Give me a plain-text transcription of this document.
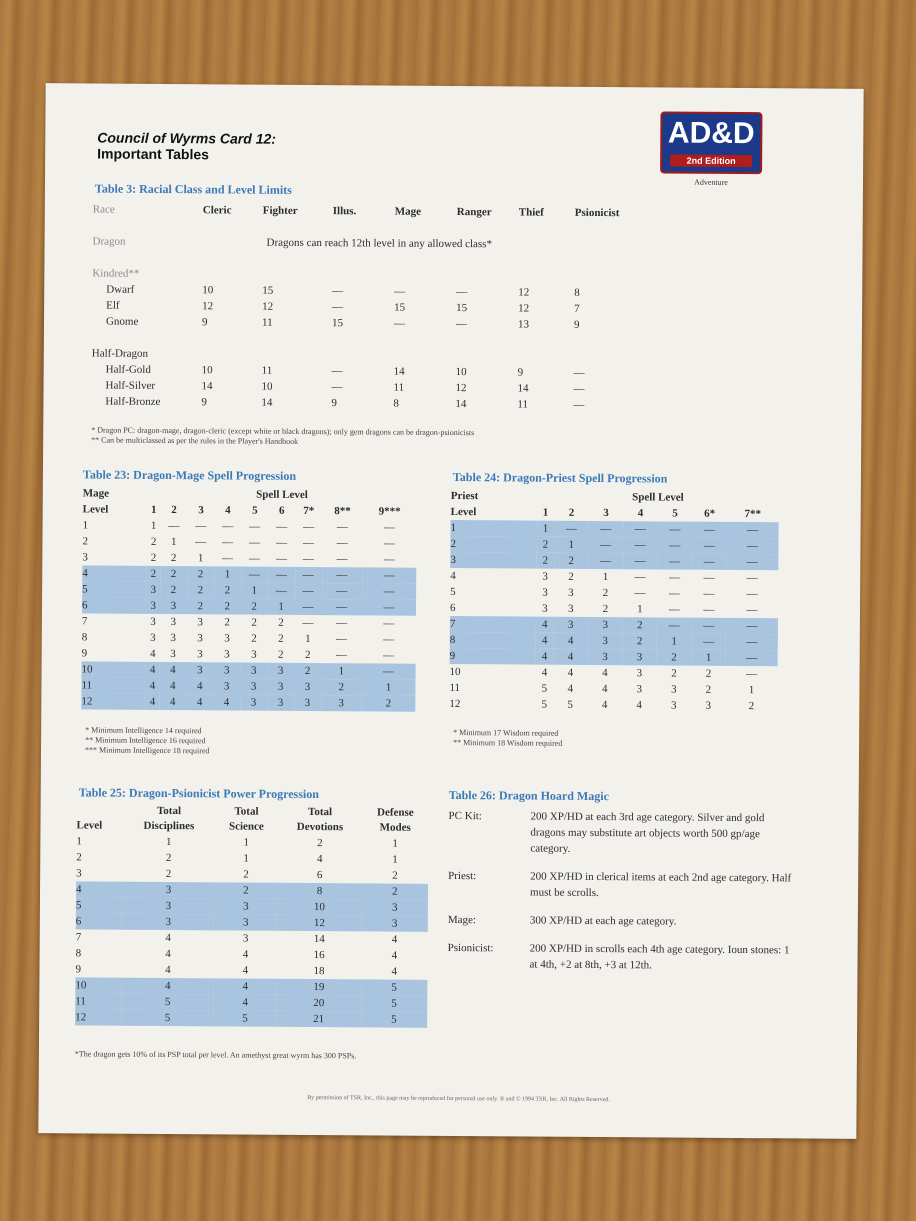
Council of Wyrms Card 12:
Important Tables
AD&D
2nd Edition
Adventure
Table 3: Racial Class and Level Limits
Race	Cleric	Fighter	Illus.	Mage	Ranger	Thief	Psionicist

Dragon	Dragons can reach 12th level in any allowed class*						

Kindred**							
Dwarf	10	15	—	—	—	12	8
Elf	12	12	—	15	15	12	7
Gnome	9	11	15	—	—	13	9

Half-Dragon							
Half-Gold	10	11	—	14	10	9	—
Half-Silver	14	10	—	11	12	14	—
Half-Bronze	9	14	9	8	14	11	—
* Dragon PC: dragon-mage, dragon-cleric (except white or black dragons); only gem dragons can be dragon-psionicists
** Can be multiclassed as per the rules in the Player's Handbook
Table 23: Dragon-Mage Spell Progression
Mage	Spell Level								
Level	1	2	3	4	5	6	7*	8**	9***
1	1	—	—	—	—	—	—	—	—
2	2	1	—	—	—	—	—	—	—
3	2	2	1	—	—	—	—	—	—
4	2	2	2	1	—	—	—	—	—
5	3	2	2	2	1	—	—	—	—
6	3	3	2	2	2	1	—	—	—
7	3	3	3	2	2	2	—	—	—
8	3	3	3	3	2	2	1	—	—
9	4	3	3	3	3	2	2	—	—
10	4	4	3	3	3	3	2	1	—
11	4	4	4	3	3	3	3	2	1
12	4	4	4	4	3	3	3	3	2
* Minimum Intelligence 14 required
** Minimum Intelligence 16 required
*** Minimum Intelligence 18 required
Table 24: Dragon-Priest Spell Progression
Priest	Spell Level						
Level	1	2	3	4	5	6*	7**
1	1	—	—	—	—	—	—
2	2	1	—	—	—	—	—
3	2	2	—	—	—	—	—
4	3	2	1	—	—	—	—
5	3	3	2	—	—	—	—
6	3	3	2	1	—	—	—
7	4	3	3	2	—	—	—
8	4	4	3	2	1	—	—
9	4	4	3	3	2	1	—
10	4	4	4	3	2	2	—
11	5	4	4	3	3	2	1
12	5	5	4	4	3	3	2
* Minimum 17 Wisdom required
** Minimum 18 Wisdom required
Table 25: Dragon-Psionicist Power Progression
	Total	Total	Total	Defense
Level	Disciplines	Science	Devotions	Modes
1	1	1	2	1
2	2	1	4	1
3	2	2	6	2
4	3	2	8	2
5	3	3	10	3
6	3	3	12	3
7	4	3	14	4
8	4	4	16	4
9	4	4	18	4
10	4	4	19	5
11	5	4	20	5
12	5	5	21	5
*The dragon gets 10% of its PSP total per level. An amethyst great wyrm has 300 PSPs.
Table 26: Dragon Hoard Magic
PC Kit:	200 XP/HD at each 3rd age category. Silver and gold dragons may substitute art objects worth 500 gp/age category.
Priest:	200 XP/HD in clerical items at each 2nd age category. Half must be scrolls.
Mage:	300 XP/HD at each age category.
Psionicist:	200 XP/HD in scrolls each 4th age category. Ioun stones: 1 at 4th, +2 at 8th, +3 at 12th.
By permission of TSR, Inc., this page may be reproduced for personal use only. ® and © 1994 TSR, Inc. All Rights Reserved.
